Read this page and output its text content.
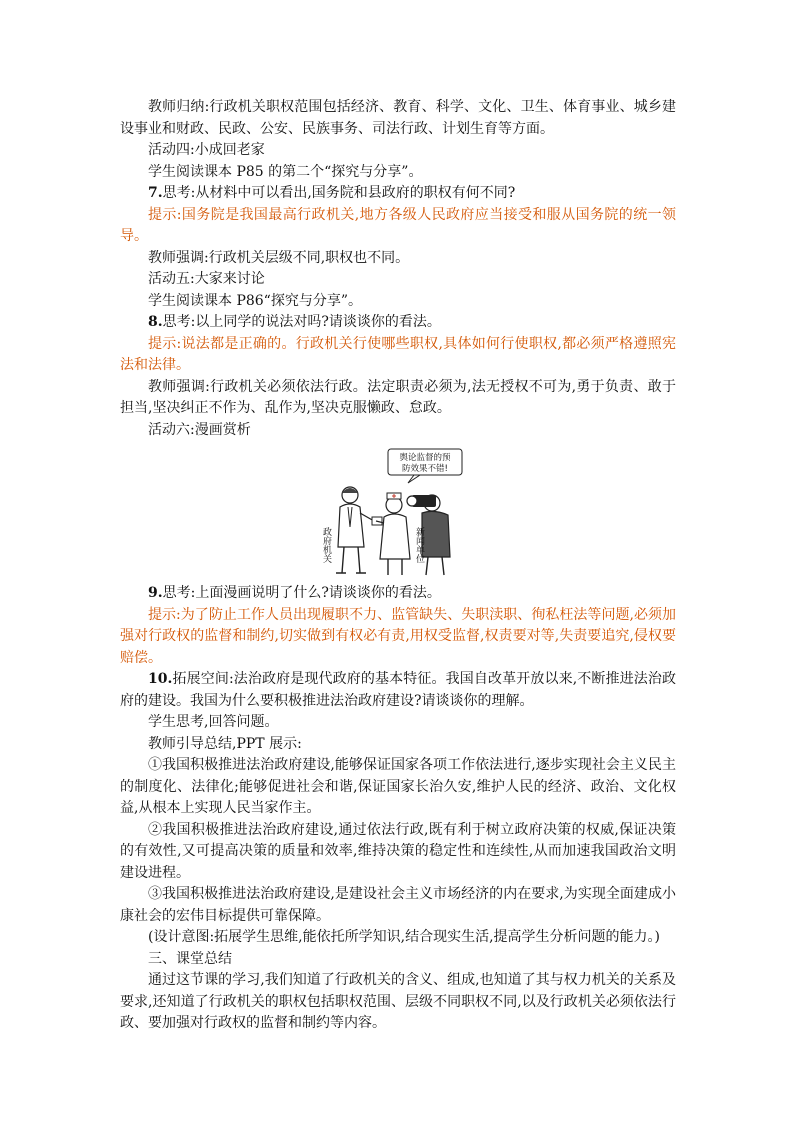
教师归纳:行政机关职权范围包括经济、教育、科学、文化、卫生、体育事业、城乡建设事业和财政、民政、公安、民族事务、司法行政、计划生育等方面。

活动四:小成回老家

学生阅读课本 P85 的第二个“探究与分享”。

7.思考:从材料中可以看出,国务院和县政府的职权有何不同?

提示:国务院是我国最高行政机关,地方各级人民政府应当接受和服从国务院的统一领导。

教师强调:行政机关层级不同,职权也不同。

活动五:大家来讨论

学生阅读课本 P86“探究与分享”。

8.思考:以上同学的说法对吗?请谈谈你的看法。

提示:说法都是正确的。行政机关行使哪些职权,具体如何行使职权,都必须严格遵照宪法和法律。

教师强调:行政机关必须依法行政。法定职责必须为,法无授权不可为,勇于负责、敢于担当,坚决纠正不作为、乱作为,坚决克服懒政、怠政。

活动六:漫画赏析

舆论监督的预
防效果不错!
政府机关	新闻单位

9.思考:上面漫画说明了什么?请谈谈你的看法。

提示:为了防止工作人员出现履职不力、监管缺失、失职渎职、徇私枉法等问题,必须加强对行政权的监督和制约,切实做到有权必有责,用权受监督,权责要对等,失责要追究,侵权要赔偿。

10.拓展空间:法治政府是现代政府的基本特征。我国自改革开放以来,不断推进法治政府的建设。我国为什么要积极推进法治政府建设?请谈谈你的理解。

学生思考,回答问题。

教师引导总结,PPT 展示:

①我国积极推进法治政府建设,能够保证国家各项工作依法进行,逐步实现社会主义民主的制度化、法律化;能够促进社会和谐,保证国家长治久安,维护人民的经济、政治、文化权益,从根本上实现人民当家作主。

②我国积极推进法治政府建设,通过依法行政,既有利于树立政府决策的权威,保证决策的有效性,又可提高决策的质量和效率,维持决策的稳定性和连续性,从而加速我国政治文明建设进程。

③我国积极推进法治政府建设,是建设社会主义市场经济的内在要求,为实现全面建成小康社会的宏伟目标提供可靠保障。

(设计意图:拓展学生思维,能依托所学知识,结合现实生活,提高学生分析问题的能力。)

三、课堂总结

通过这节课的学习,我们知道了行政机关的含义、组成,也知道了其与权力机关的关系及要求,还知道了行政机关的职权包括职权范围、层级不同职权不同,以及行政机关必须依法行政、要加强对行政权的监督和制约等内容。
